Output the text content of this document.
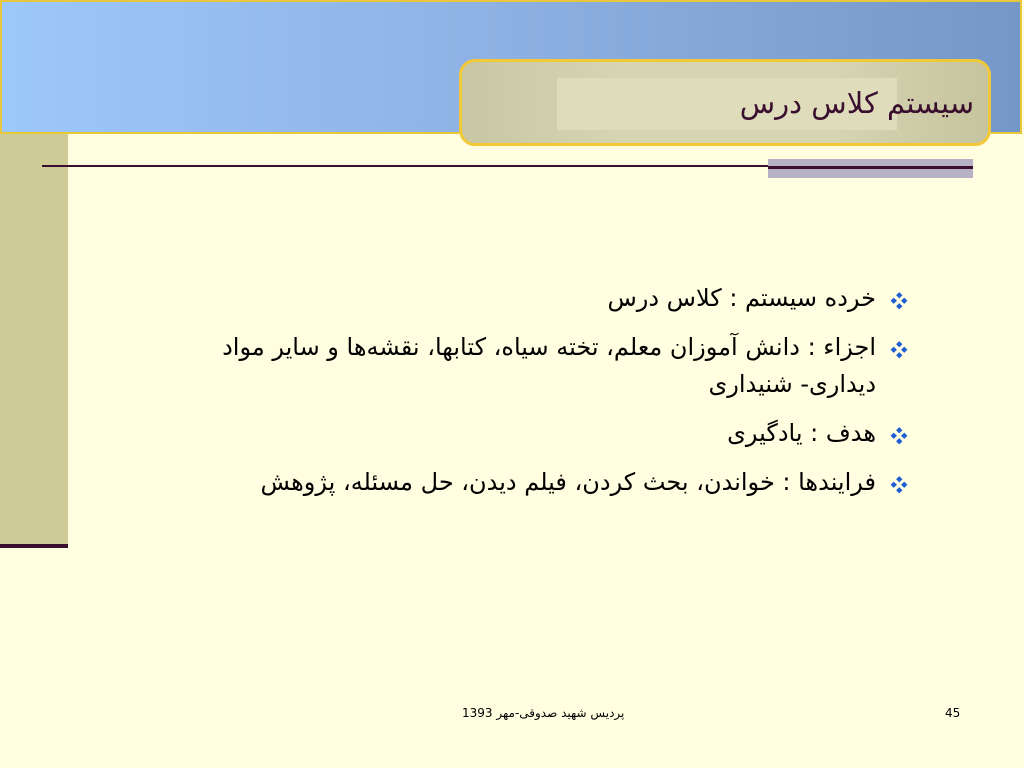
سیستم کلاس درس
خرده سیستم : کلاس درس
اجزاء : دانش آموزان معلم، تخته سیاه، کتابها، نقشه‌ها و سایر مواد دیداری- شنیداری
هدف : یادگیری
فرایندها : خواندن، بحث کردن، فیلم دیدن، حل مسئله، پژوهش
پردیس شهید صدوقی-مهر 1393	45
